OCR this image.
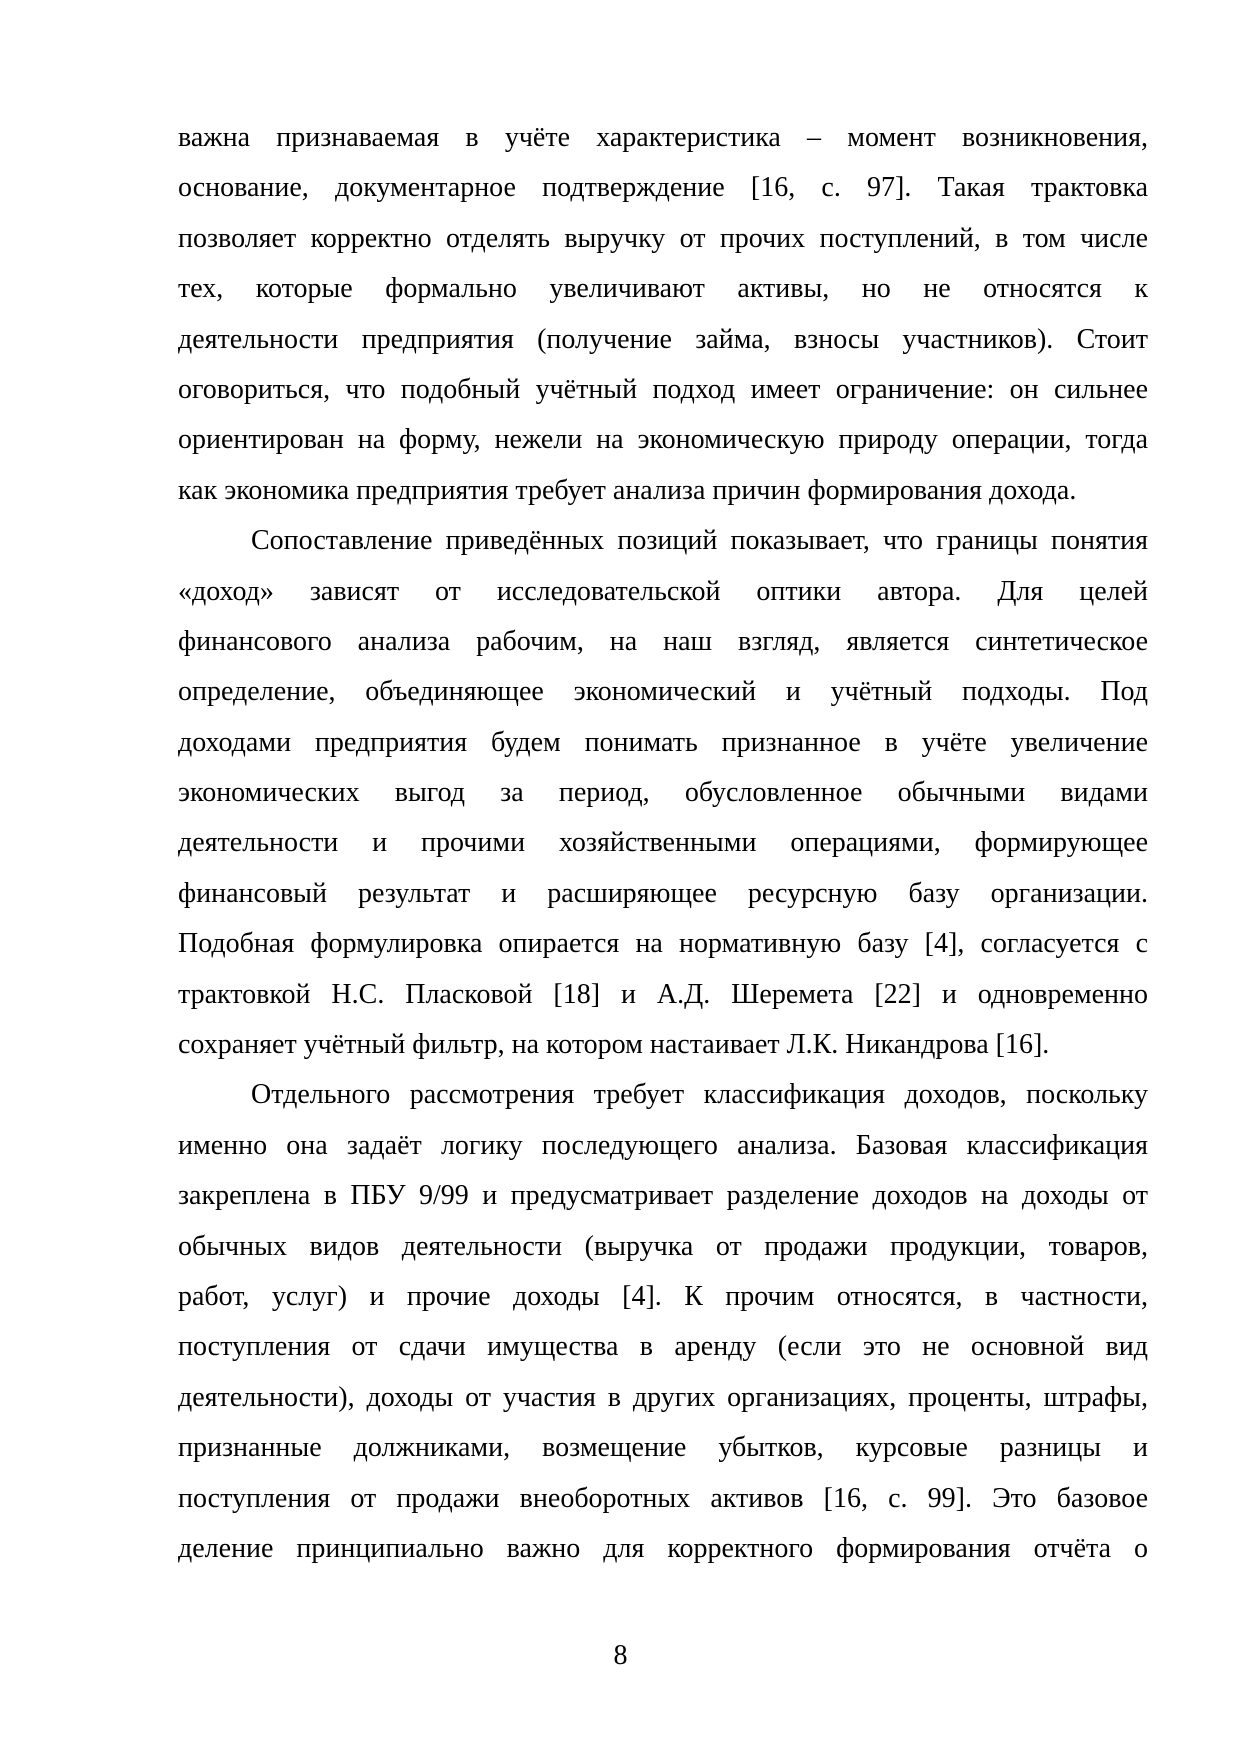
важна признаваемая в учёте характеристика – момент возникновения,
основание, документарное подтверждение [16, с. 97]. Такая трактовка
позволяет корректно отделять выручку от прочих поступлений, в том числе
тех, которые формально увеличивают активы, но не относятся к
деятельности предприятия (получение займа, взносы участников). Стоит
оговориться, что подобный учётный подход имеет ограничение: он сильнее
ориентирован на форму, нежели на экономическую природу операции, тогда
как экономика предприятия требует анализа причин формирования дохода.
Сопоставление приведённых позиций показывает, что границы понятия
«доход» зависят от исследовательской оптики автора. Для целей
финансового анализа рабочим, на наш взгляд, является синтетическое
определение, объединяющее экономический и учётный подходы. Под
доходами предприятия будем понимать признанное в учёте увеличение
экономических выгод за период, обусловленное обычными видами
деятельности и прочими хозяйственными операциями, формирующее
финансовый результат и расширяющее ресурсную базу организации.
Подобная формулировка опирается на нормативную базу [4], согласуется с
трактовкой Н.С. Пласковой [18] и А.Д. Шеремета [22] и одновременно
сохраняет учётный фильтр, на котором настаивает Л.К. Никандрова [16].
Отдельного рассмотрения требует классификация доходов, поскольку
именно она задаёт логику последующего анализа. Базовая классификация
закреплена в ПБУ 9/99 и предусматривает разделение доходов на доходы от
обычных видов деятельности (выручка от продажи продукции, товаров,
работ, услуг) и прочие доходы [4]. К прочим относятся, в частности,
поступления от сдачи имущества в аренду (если это не основной вид
деятельности), доходы от участия в других организациях, проценты, штрафы,
признанные должниками, возмещение убытков, курсовые разницы и
поступления от продажи внеоборотных активов [16, с. 99]. Это базовое
деление принципиально важно для корректного формирования отчёта о
8
